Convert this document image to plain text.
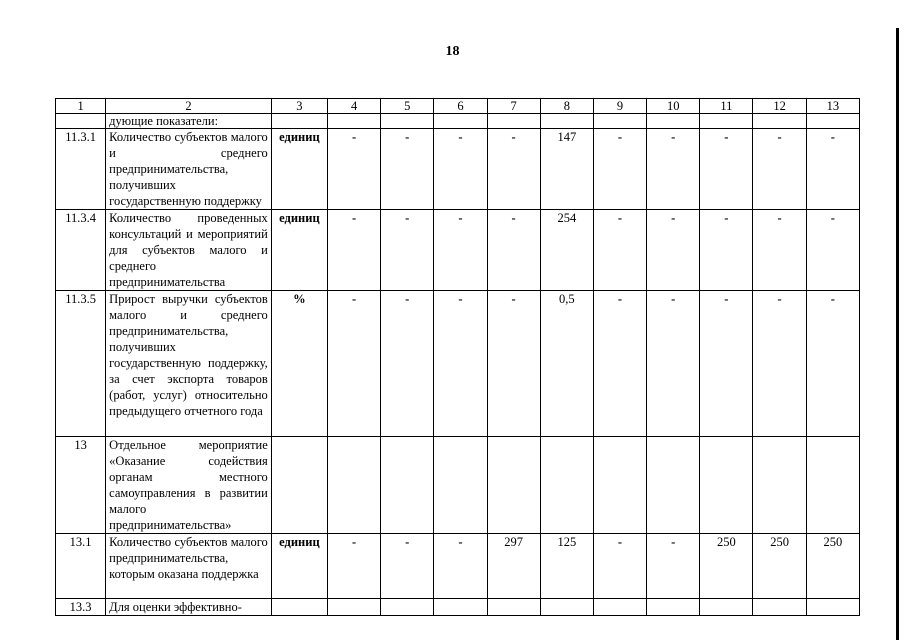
18
1	2	3	4	5	6	7	8	9	10	11	12	13
	дующие показатели:											
11.3.1	Количество субъектов малого и среднего предпринимательства, получивших государственную поддержку	единиц	-	-	-	-	147	-	-	-	-	-
11.3.4	Количество проведенных консультаций и мероприятий для субъектов малого и среднего предпринимательства	единиц	-	-	-	-	254	-	-	-	-	-
11.3.5	Прирост выручки субъектов малого и среднего предпринимательства, получивших государственную поддержку, за счет экспорта товаров (работ, услуг) относительно предыдущего отчетного года	%	-	-	-	-	0,5	-	-	-	-	-
13	Отдельное мероприятие «Оказание содействия органам местного самоуправления в развитии малого предпринимательства»											
13.1	Количество субъектов малого предпринимательства, которым оказана поддержка	единиц	-	-	-	297	125	-	-	250	250	250
13.3	Для оценки эффективно-											
